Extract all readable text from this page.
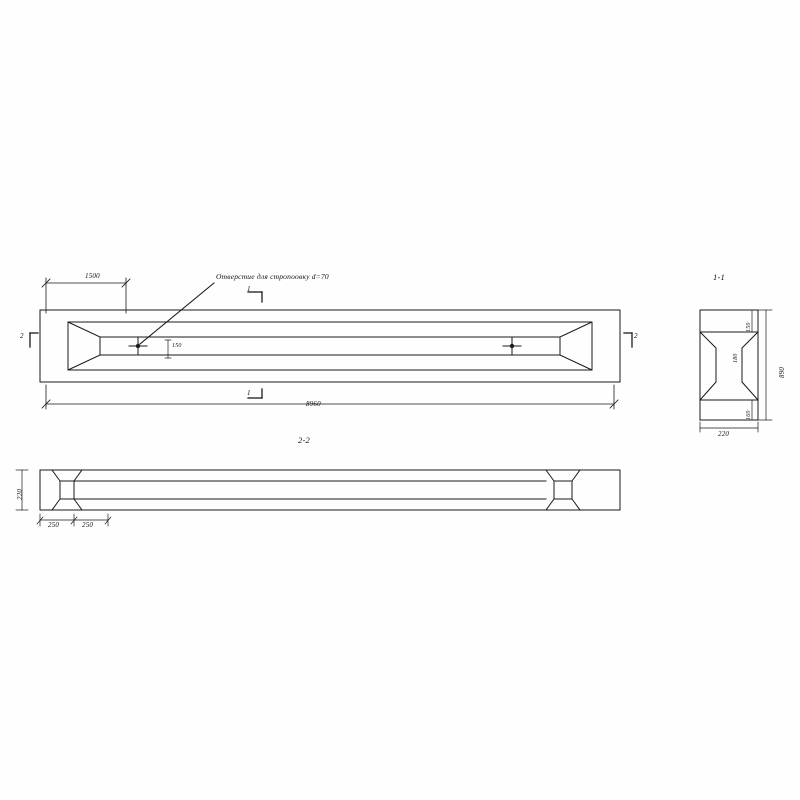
Отверстие для стропоовку d=70
1500
8960
150
1
1
2	2
1-1
2-2
150
160
890
220
180
220
250	250
